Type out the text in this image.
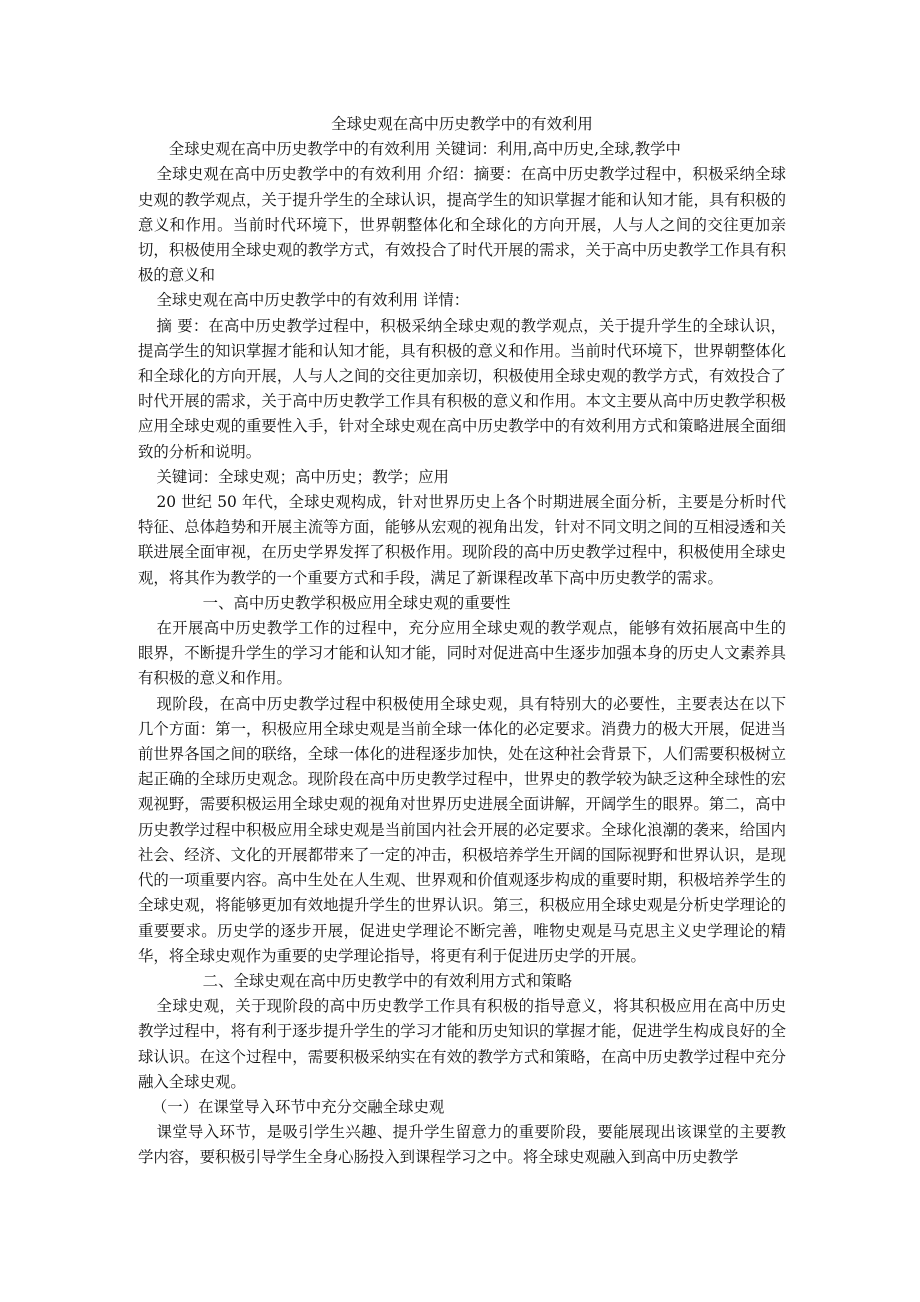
全球史观在高中历史教学中的有效利用

全球史观在高中历史教学中的有效利用 关键词：利用,高中历史,全球,教学中

全球史观在高中历史教学中的有效利用 介绍：摘要：在高中历史教学过程中，积极采纳全球史观的教学观点，关于提升学生的全球认识，提高学生的知识掌握才能和认知才能，具有积极的意义和作用。当前时代环境下，世界朝整体化和全球化的方向开展，人与人之间的交往更加亲切，积极使用全球史观的教学方式，有效投合了时代开展的需求，关于高中历史教学工作具有积极的意义和

全球史观在高中历史教学中的有效利用 详情：

摘 要：在高中历史教学过程中，积极采纳全球史观的教学观点，关于提升学生的全球认识，提高学生的知识掌握才能和认知才能，具有积极的意义和作用。当前时代环境下，世界朝整体化和全球化的方向开展，人与人之间的交往更加亲切，积极使用全球史观的教学方式，有效投合了时代开展的需求，关于高中历史教学工作具有积极的意义和作用。本文主要从高中历史教学积极应用全球史观的重要性入手，针对全球史观在高中历史教学中的有效利用方式和策略进展全面细致的分析和说明。

关键词：全球史观；高中历史；教学；应用

20 世纪 50 年代，全球史观构成，针对世界历史上各个时期进展全面分析，主要是分析时代特征、总体趋势和开展主流等方面，能够从宏观的视角出发，针对不同文明之间的互相浸透和关联进展全面审视，在历史学界发挥了积极作用。现阶段的高中历史教学过程中，积极使用全球史观，将其作为教学的一个重要方式和手段，满足了新课程改革下高中历史教学的需求。

一、高中历史教学积极应用全球史观的重要性

在开展高中历史教学工作的过程中，充分应用全球史观的教学观点，能够有效拓展高中生的眼界，不断提升学生的学习才能和认知才能，同时对促进高中生逐步加强本身的历史人文素养具有积极的意义和作用。

现阶段，在高中历史教学过程中积极使用全球史观，具有特别大的必要性，主要表达在以下几个方面：第一，积极应用全球史观是当前全球一体化的必定要求。消费力的极大开展，促进当前世界各国之间的联络，全球一体化的进程逐步加快，处在这种社会背景下，人们需要积极树立起正确的全球历史观念。现阶段在高中历史教学过程中，世界史的教学较为缺乏这种全球性的宏观视野，需要积极运用全球史观的视角对世界历史进展全面讲解，开阔学生的眼界。第二，高中历史教学过程中积极应用全球史观是当前国内社会开展的必定要求。全球化浪潮的袭来，给国内社会、经济、文化的开展都带来了一定的冲击，积极培养学生开阔的国际视野和世界认识，是现代的一项重要内容。高中生处在人生观、世界观和价值观逐步构成的重要时期，积极培养学生的全球史观，将能够更加有效地提升学生的世界认识。第三，积极应用全球史观是分析史学理论的重要要求。历史学的逐步开展，促进史学理论不断完善，唯物史观是马克思主义史学理论的精华，将全球史观作为重要的史学理论指导，将更有利于促进历史学的开展。

二、全球史观在高中历史教学中的有效利用方式和策略

全球史观，关于现阶段的高中历史教学工作具有积极的指导意义，将其积极应用在高中历史教学过程中，将有利于逐步提升学生的学习才能和历史知识的掌握才能，促进学生构成良好的全球认识。在这个过程中，需要积极采纳实在有效的教学方式和策略，在高中历史教学过程中充分融入全球史观。

（一）在课堂导入环节中充分交融全球史观

课堂导入环节，是吸引学生兴趣、提升学生留意力的重要阶段，要能展现出该课堂的主要教学内容，要积极引导学生全身心肠投入到课程学习之中。将全球史观融入到高中历史教学
